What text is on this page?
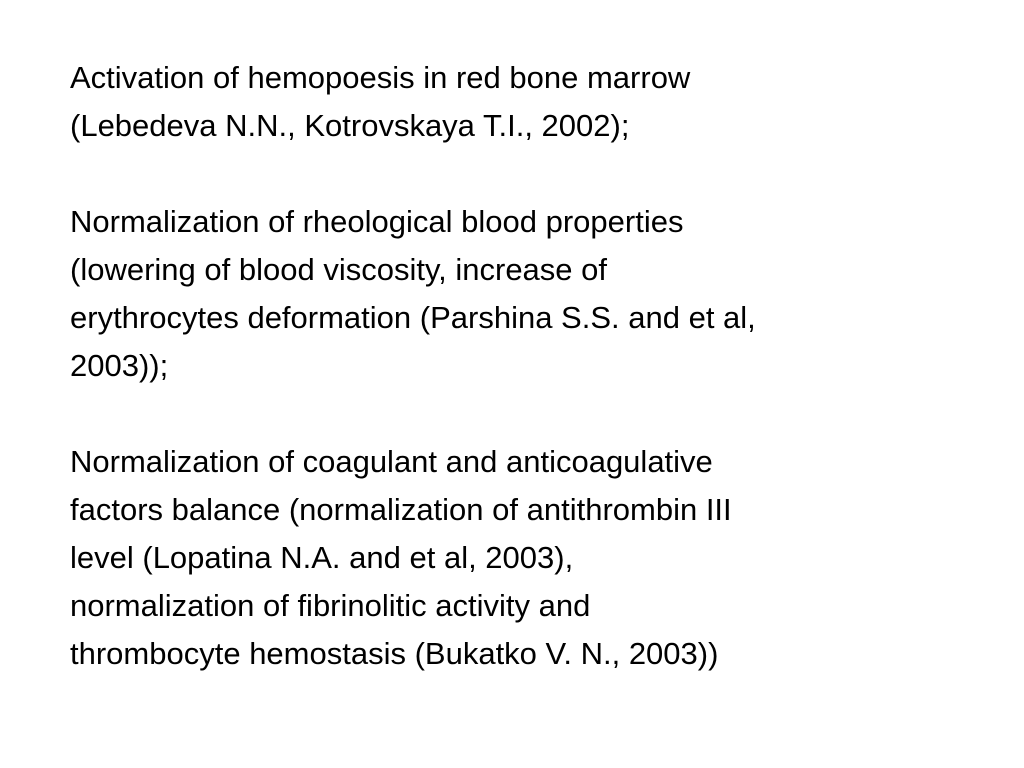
Activation of hemopoesis in red bone marrow
(Lebedeva N.N., Kotrovskaya T.I., 2002);

Normalization of rheological blood properties
(lowering of blood viscosity, increase of
erythrocytes deformation (Parshina S.S. and et al,
2003));

Normalization of coagulant and anticoagulative
factors balance (normalization of antithrombin III
level (Lopatina N.A. and et al, 2003),
normalization of fibrinolitic activity and
thrombocyte hemostasis (Bukatko V. N., 2003))
